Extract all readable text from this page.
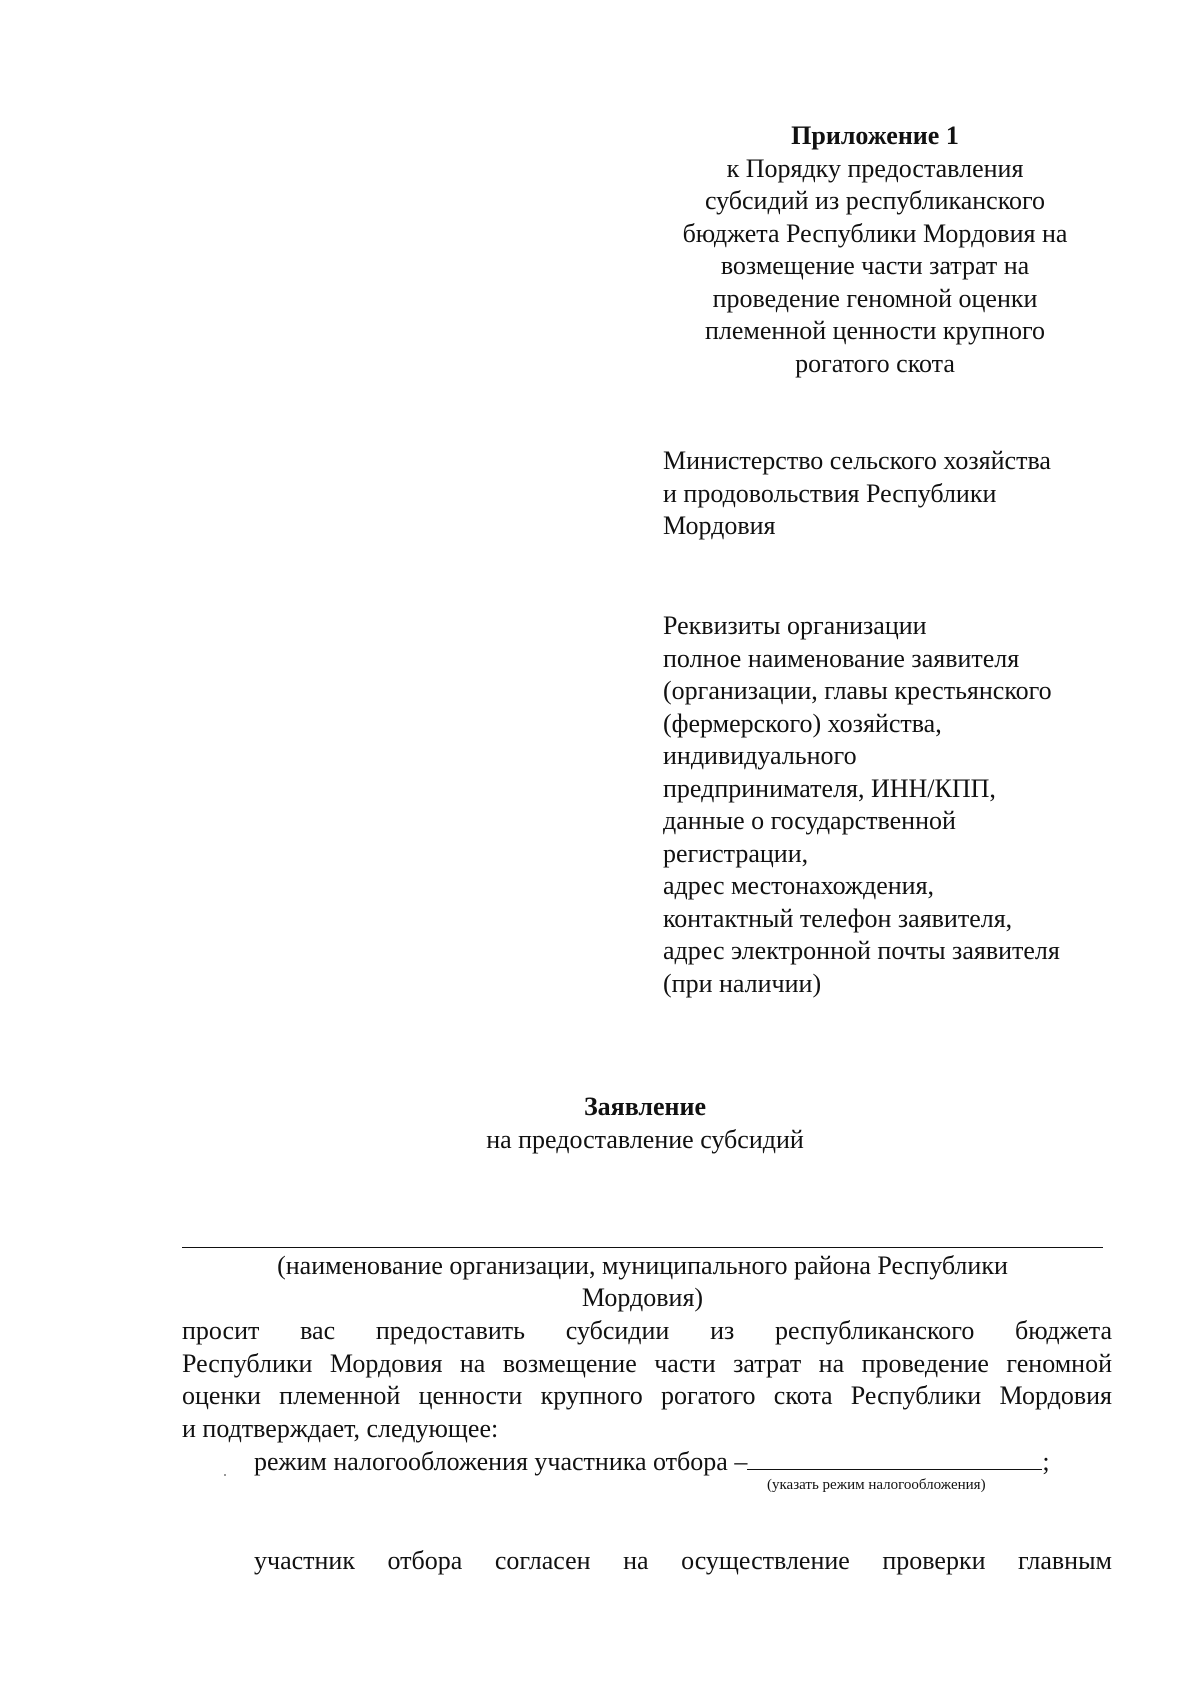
Приложение 1
к Порядку предоставления
субсидий из республиканского
бюджета Республики Мордовия на
возмещение части затрат на
проведение геномной оценки
племенной ценности крупного
рогатого скота
Министерство сельского хозяйства
и продовольствия Республики
Мордовия
Реквизиты организации
полное наименование заявителя
(организации, главы крестьянского
(фермерского) хозяйства,
индивидуального
предпринимателя, ИНН/КПП,
данные о государственной
регистрации,
адрес местонахождения,
контактный телефон заявителя,
адрес электронной почты заявителя
(при наличии)
Заявление
на предоставление субсидий
(наименование организации, муниципального района Республики
Мордовия)
просит вас предоставить субсидии из республиканского бюджета
Республики Мордовия на возмещение части затрат на проведение геномной
оценки племенной ценности крупного рогатого скота Республики Мордовия
и подтверждает, следующее:
режим налогообложения участника отбора –	;
(указать режим налогообложения)
участник отбора согласен на осуществление проверки главным
